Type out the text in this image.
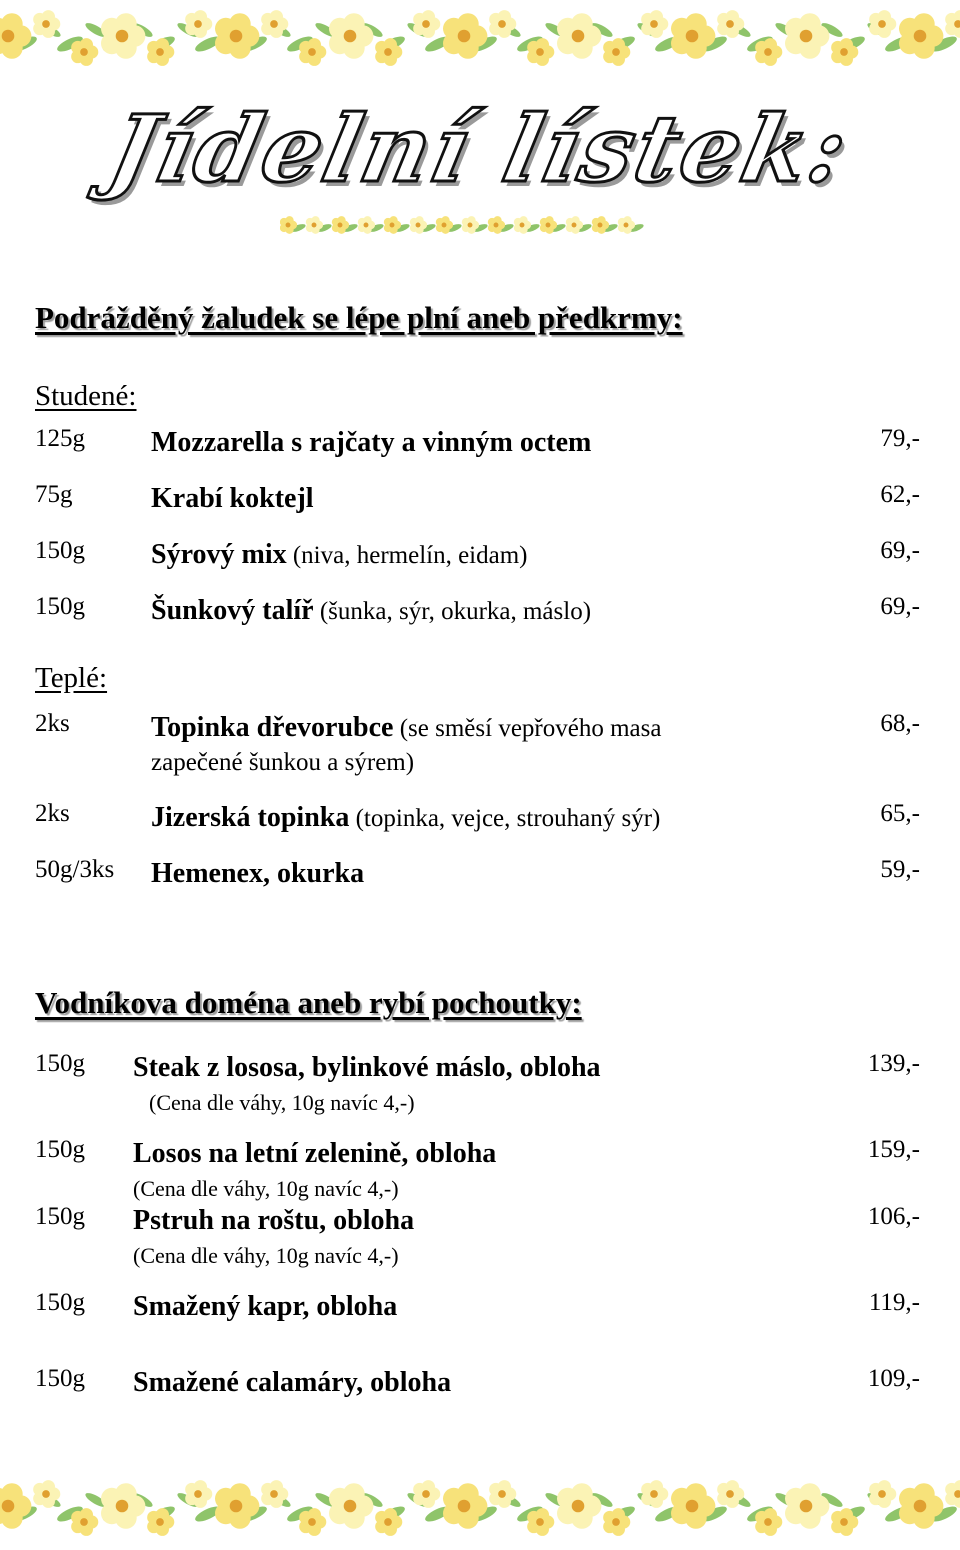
Jídelní lístek:
Podrážděný žaludek se lépe plní aneb předkrmy:
Studené:
125g Mozzarella s rajčaty a vinným octem	79,-
75g	Krabí koktejl	62,-
150g Sýrový mix (niva, hermelín, eidam)	69,-
150g Šunkový talíř (šunka, sýr, okurka, máslo)	69,-
Teplé:
2ks	Topinka dřevorubce (se směsí vepřového masa	68,-
zapečené šunkou a sýrem)
2ks	Jizerská topinka (topinka, vejce, strouhaný sýr)	65,-
50g/3ks Hemenex, okurka	59,-
Vodníkova doména aneb rybí pochoutky:
150g Steak z lososa, bylinkové máslo, obloha	139,-
(Cena dle váhy, 10g navíc 4,-)
150g Losos na letní zelenině, obloha	159,-
(Cena dle váhy, 10g navíc 4,-)
150g Pstruh na roštu, obloha	106,-
(Cena dle váhy, 10g navíc 4,-)
150g Smažený kapr, obloha	119,-
150g Smažené calamáry, obloha	109,-
